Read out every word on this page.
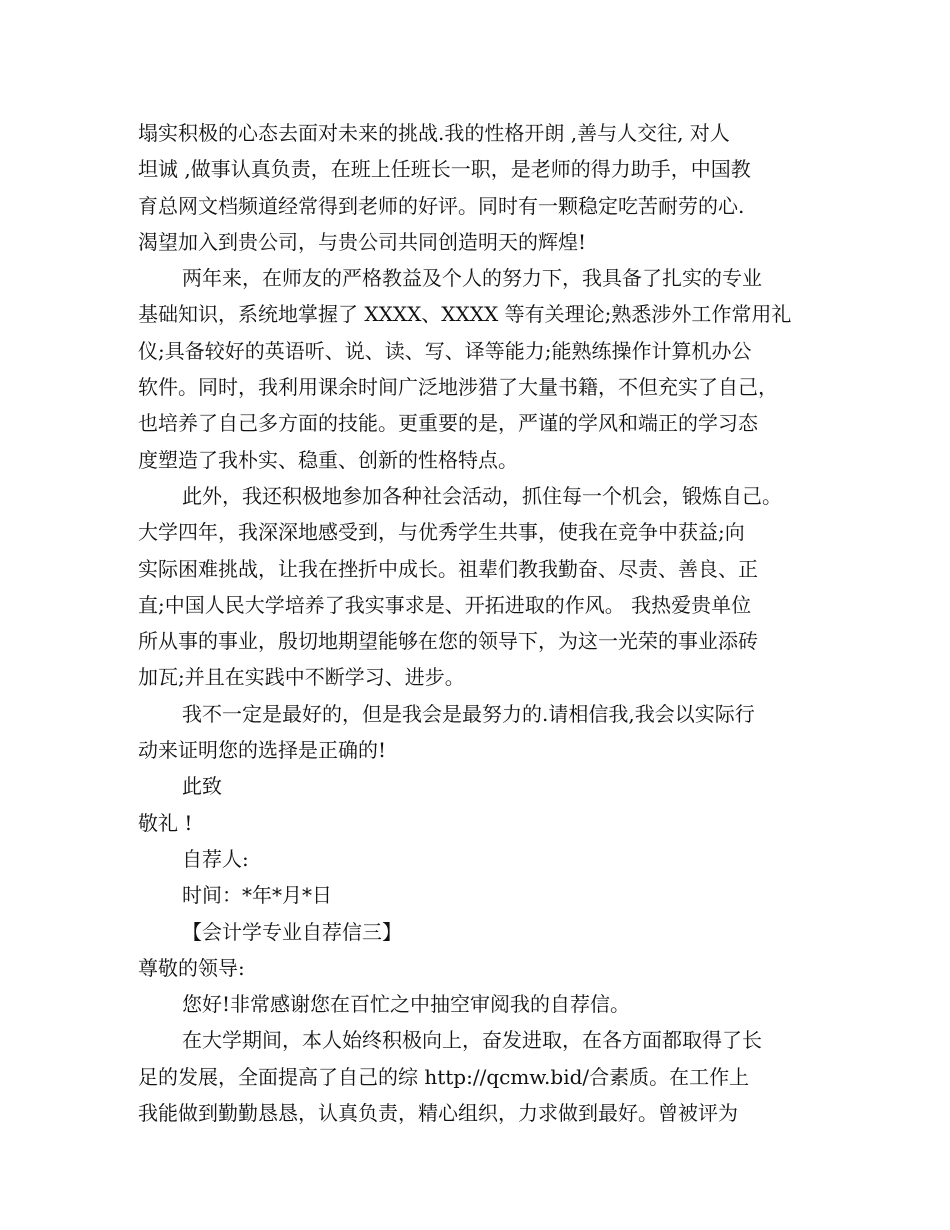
塌实积极的心态去面对未来的挑战.我的性格开朗 ,善与人交往, 对人
坦诚 ,做事认真负责，在班上任班长一职，是老师的得力助手，中国教
育总网文档频道经常得到老师的好评。同时有一颗稳定吃苦耐劳的心.
渴望加入到贵公司，与贵公司共同创造明天的辉煌!
两年来，在师友的严格教益及个人的努力下，我具备了扎实的专业
基础知识，系统地掌握了 XXXX、XXXX 等有关理论;熟悉涉外工作常用礼
仪;具备较好的英语听、说、读、写、译等能力;能熟练操作计算机办公
软件。同时，我利用课余时间广泛地涉猎了大量书籍，不但充实了自己，
也培养了自己多方面的技能。更重要的是，严谨的学风和端正的学习态
度塑造了我朴实、稳重、创新的性格特点。
此外，我还积极地参加各种社会活动，抓住每一个机会，锻炼自己。
大学四年，我深深地感受到，与优秀学生共事，使我在竞争中获益;向
实际困难挑战，让我在挫折中成长。祖辈们教我勤奋、尽责、善良、正
直;中国人民大学培养了我实事求是、开拓进取的作风。 我热爱贵单位
所从事的事业，殷切地期望能够在您的领导下，为这一光荣的事业添砖
加瓦;并且在实践中不断学习、进步。
我不一定是最好的，但是我会是最努力的.请相信我,我会以实际行
动来证明您的选择是正确的!
此致
敬礼 !
自荐人:
时间：*年*月*日
【会计学专业自荐信三】
尊敬的领导:
您好!非常感谢您在百忙之中抽空审阅我的自荐信。
在大学期间，本人始终积极向上，奋发进取，在各方面都取得了长
足的发展，全面提高了自己的综 http://qcmw.bid/合素质。在工作上
我能做到勤勤恳恳，认真负责，精心组织，力求做到最好。曾被评为
